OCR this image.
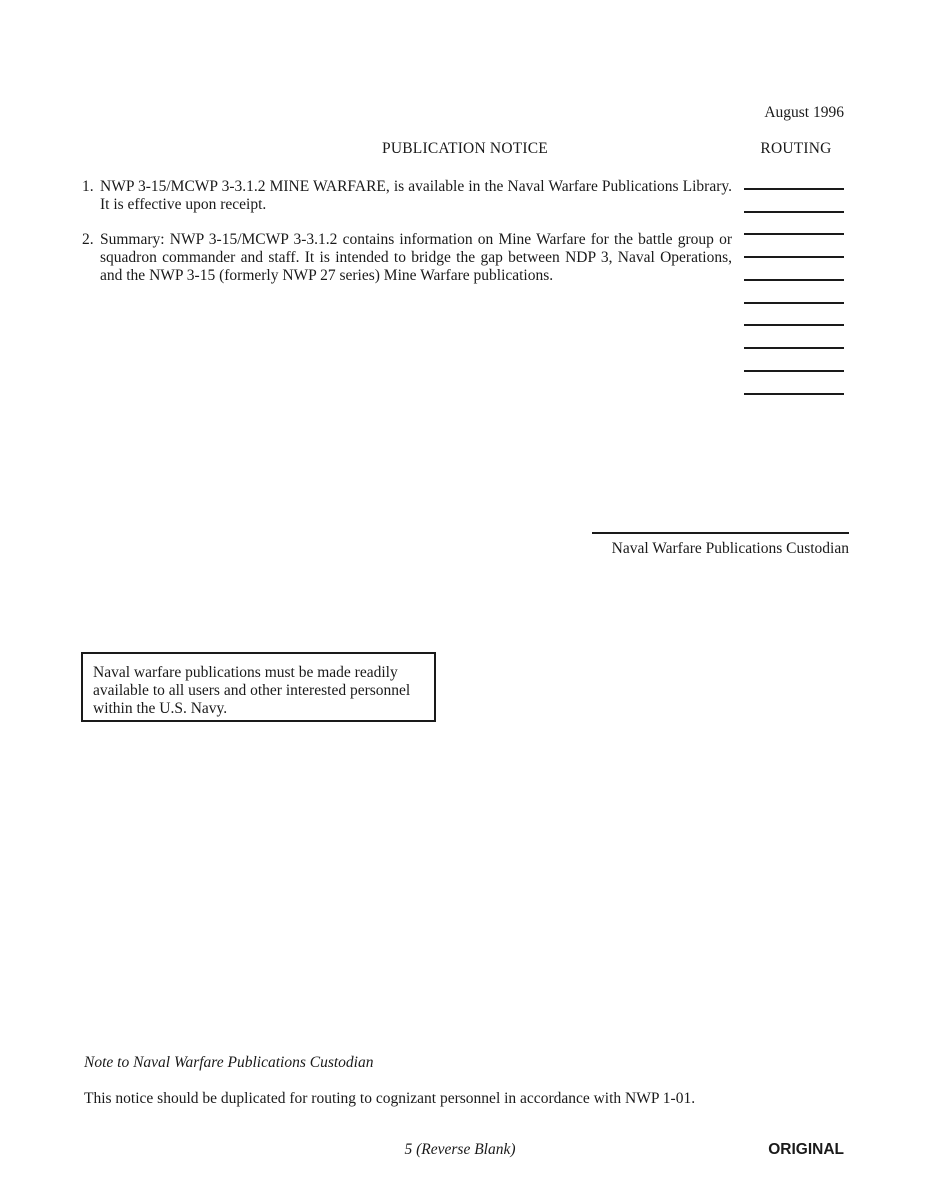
August 1996
PUBLICATION NOTICE	ROUTING
1. NWP 3-15/MCWP 3-3.1.2 MINE WARFARE, is available in the Naval Warfare Publications Library. It is effective upon receipt.
2. Summary: NWP 3-15/MCWP 3-3.1.2 contains information on Mine Warfare for the battle group or squadron commander and staff. It is intended to bridge the gap between NDP 3, Naval Operations, and the NWP 3-15 (formerly NWP 27 series) Mine Warfare publications.
Naval Warfare Publications Custodian
Naval warfare publications must be made readily available to all users and other interested personnel within the U.S. Navy.
Note to Naval Warfare Publications Custodian
This notice should be duplicated for routing to cognizant personnel in accordance with NWP 1-01.
5 (Reverse Blank)	ORIGINAL
